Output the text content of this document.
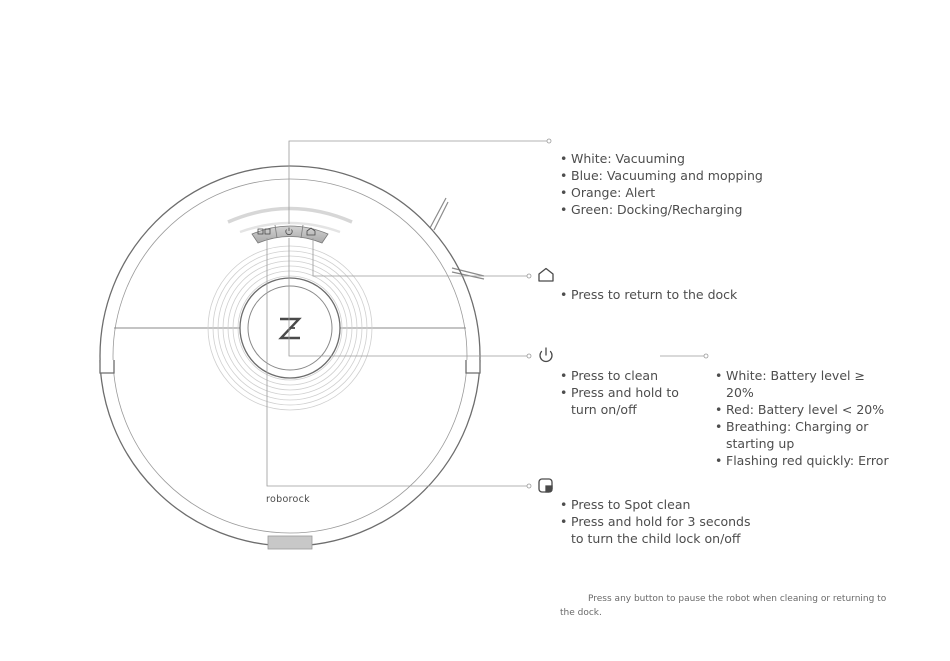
roborock
• White: Vacuuming
• Blue: Vacuuming and mopping
• Orange: Alert
• Green: Docking/Recharging
• Press to return to the dock
• Press to clean
• Press and hold to turn on/off
• White: Battery level ≥ 20%
• Red: Battery level < 20%
• Breathing: Charging or starting up
• Flashing red quickly: Error
• Press to Spot clean
• Press and hold for 3 seconds to turn the child lock on/off
Press any button to pause the robot when cleaning or returning to the dock.
